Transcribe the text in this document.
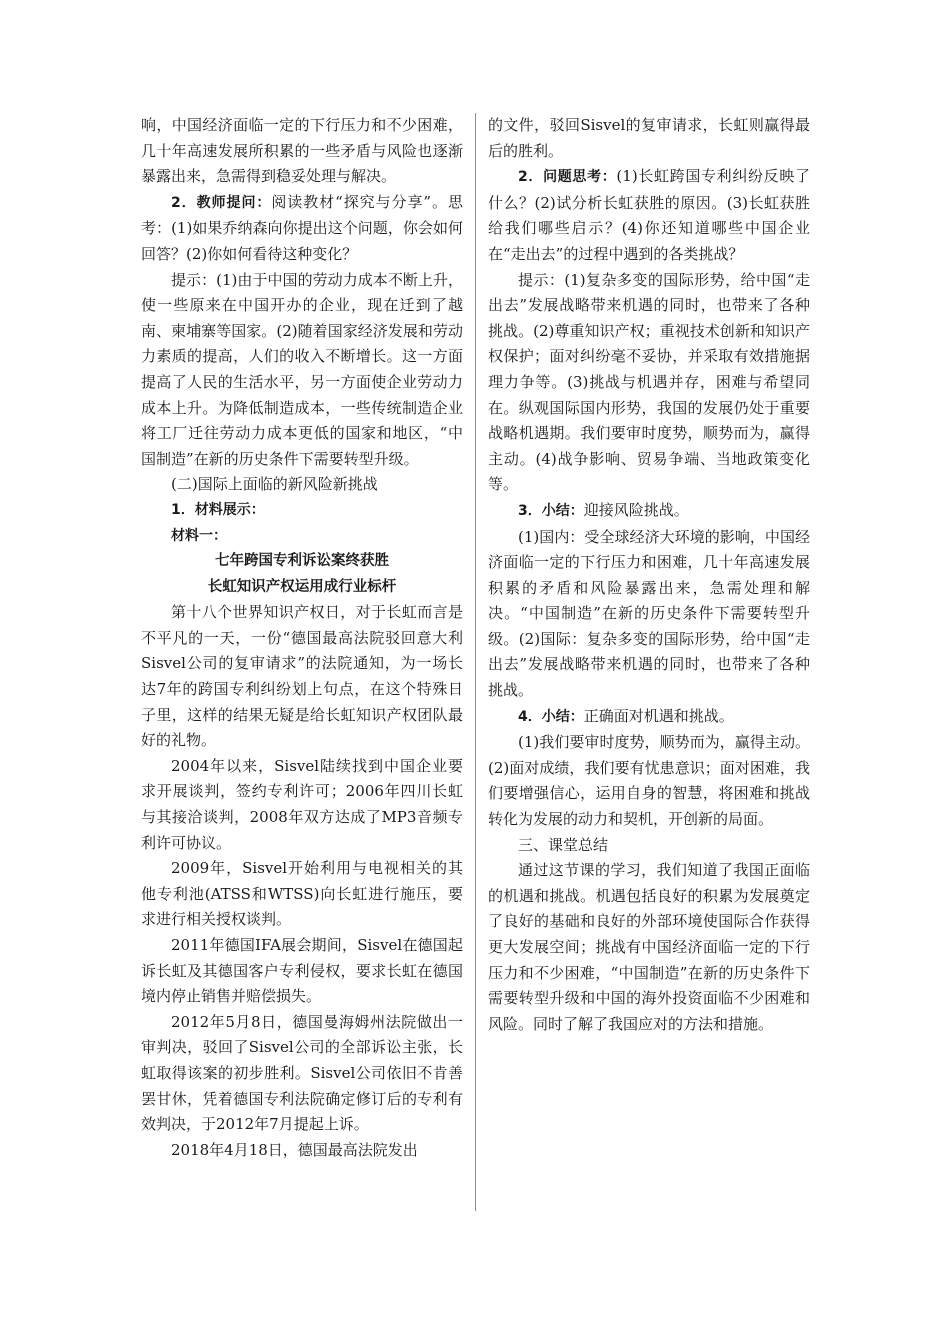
响，中国经济面临一定的下行压力和不少困难，几十年高速发展所积累的一些矛盾与风险也逐渐暴露出来，急需得到稳妥处理与解决。

2．教师提问：阅读教材“探究与分享”。思考：(1)如果乔纳森向你提出这个问题，你会如何回答？(2)你如何看待这种变化？

提示：(1)由于中国的劳动力成本不断上升，使一些原来在中国开办的企业，现在迁到了越南、柬埔寨等国家。(2)随着国家经济发展和劳动力素质的提高，人们的收入不断增长。这一方面提高了人民的生活水平，另一方面使企业劳动力成本上升。为降低制造成本，一些传统制造企业将工厂迁往劳动力成本更低的国家和地区，“中国制造”在新的历史条件下需要转型升级。

(二)国际上面临的新风险新挑战

1．材料展示：

材料一：

七年跨国专利诉讼案终获胜

长虹知识产权运用成行业标杆

第十八个世界知识产权日，对于长虹而言是不平凡的一天，一份“德国最高法院驳回意大利Sisvel公司的复审请求”的法院通知，为一场长达7年的跨国专利纠纷划上句点，在这个特殊日子里，这样的结果无疑是给长虹知识产权团队最好的礼物。

2004年以来，Sisvel陆续找到中国企业要求开展谈判，签约专利许可；2006年四川长虹与其接洽谈判，2008年双方达成了MP3音频专利许可协议。

2009年，Sisvel开始利用与电视相关的其他专利池(ATSS和WTSS)向长虹进行施压，要求进行相关授权谈判。

2011年德国IFA展会期间，Sisvel在德国起诉长虹及其德国客户专利侵权，要求长虹在德国境内停止销售并赔偿损失。

2012年5月8日，德国曼海姆州法院做出一审判决，驳回了Sisvel公司的全部诉讼主张，长虹取得该案的初步胜利。Sisvel公司依旧不肯善罢甘休，凭着德国专利法院确定修订后的专利有效判决，于2012年7月提起上诉。

2018年4月18日，德国最高法院发出

的文件，驳回Sisvel的复审请求，长虹则赢得最后的胜利。

2．问题思考：(1)长虹跨国专利纠纷反映了什么？(2)试分析长虹获胜的原因。(3)长虹获胜给我们哪些启示？(4)你还知道哪些中国企业在“走出去”的过程中遇到的各类挑战？

提示：(1)复杂多变的国际形势，给中国“走出去”发展战略带来机遇的同时，也带来了各种挑战。(2)尊重知识产权；重视技术创新和知识产权保护；面对纠纷毫不妥协，并采取有效措施据理力争等。(3)挑战与机遇并存，困难与希望同在。纵观国际国内形势，我国的发展仍处于重要战略机遇期。我们要审时度势，顺势而为，赢得主动。(4)战争影响、贸易争端、当地政策变化等。

3．小结：迎接风险挑战。

(1)国内：受全球经济大环境的影响，中国经济面临一定的下行压力和困难，几十年高速发展积累的矛盾和风险暴露出来，急需处理和解决。“中国制造”在新的历史条件下需要转型升级。(2)国际：复杂多变的国际形势，给中国“走出去”发展战略带来机遇的同时，也带来了各种挑战。

4．小结：正确面对机遇和挑战。

(1)我们要审时度势，顺势而为，赢得主动。(2)面对成绩，我们要有忧患意识；面对困难，我们要增强信心，运用自身的智慧，将困难和挑战转化为发展的动力和契机，开创新的局面。

三、课堂总结

通过这节课的学习，我们知道了我国正面临的机遇和挑战。机遇包括良好的积累为发展奠定了良好的基础和良好的外部环境使国际合作获得更大发展空间；挑战有中国经济面临一定的下行压力和不少困难，“中国制造”在新的历史条件下需要转型升级和中国的海外投资面临不少困难和风险。同时了解了我国应对的方法和措施。
